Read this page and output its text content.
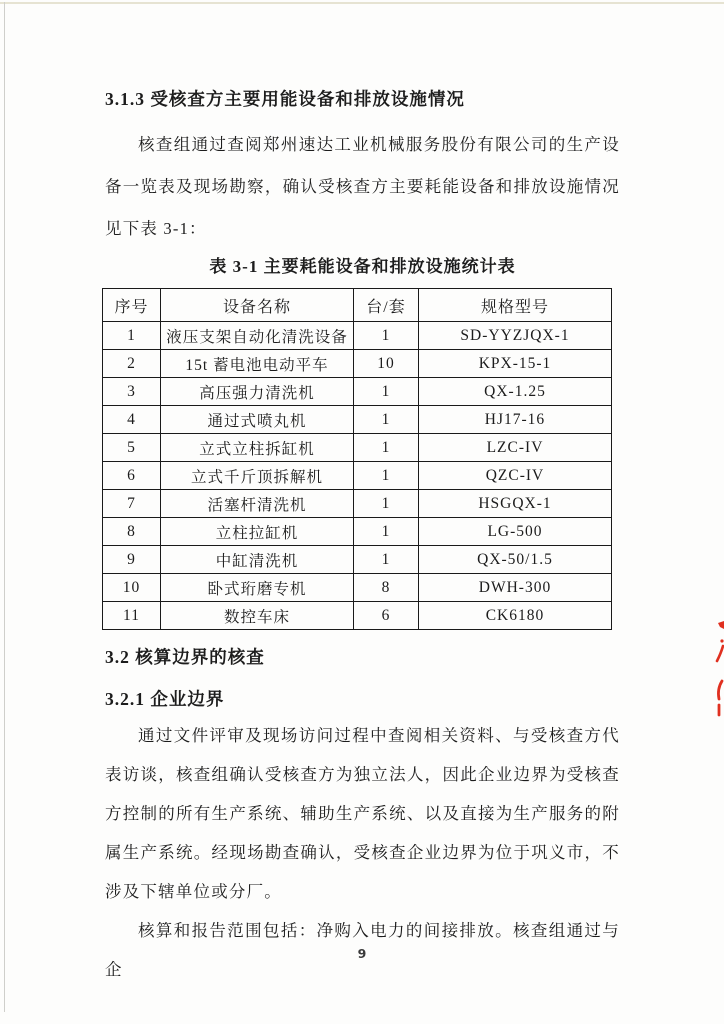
3.1.3 受核查方主要用能设备和排放设施情况

核查组通过查阅郑州速达工业机械服务股份有限公司的生产设备一览表及现场勘察，确认受核查方主要耗能设备和排放设施情况见下表 3-1：

表 3-1 主要耗能设备和排放设施统计表
序号	设备名称	台/套	规格型号
1	液压支架自动化清洗设备	1	SD-YYZJQX-1
2	15t 蓄电池电动平车	10	KPX-15-1
3	高压强力清洗机	1	QX-1.25
4	通过式喷丸机	1	HJ17-16
5	立式立柱拆缸机	1	LZC-IV
6	立式千斤顶拆解机	1	QZC-IV
7	活塞杆清洗机	1	HSGQX-1
8	立柱拉缸机	1	LG-500
9	中缸清洗机	1	QX-50/1.5
10	卧式珩磨专机	8	DWH-300
11	数控车床	6	CK6180
3.2 核算边界的核查
3.2.1 企业边界

通过文件评审及现场访问过程中查阅相关资料、与受核查方代表访谈，核查组确认受核查方为独立法人，因此企业边界为受核查方控制的所有生产系统、辅助生产系统、以及直接为生产服务的附属生产系统。经现场勘查确认，受核查企业边界为位于巩义市，不涉及下辖单位或分厂。

核算和报告范围包括：净购入电力的间接排放。核查组通过与企

9
